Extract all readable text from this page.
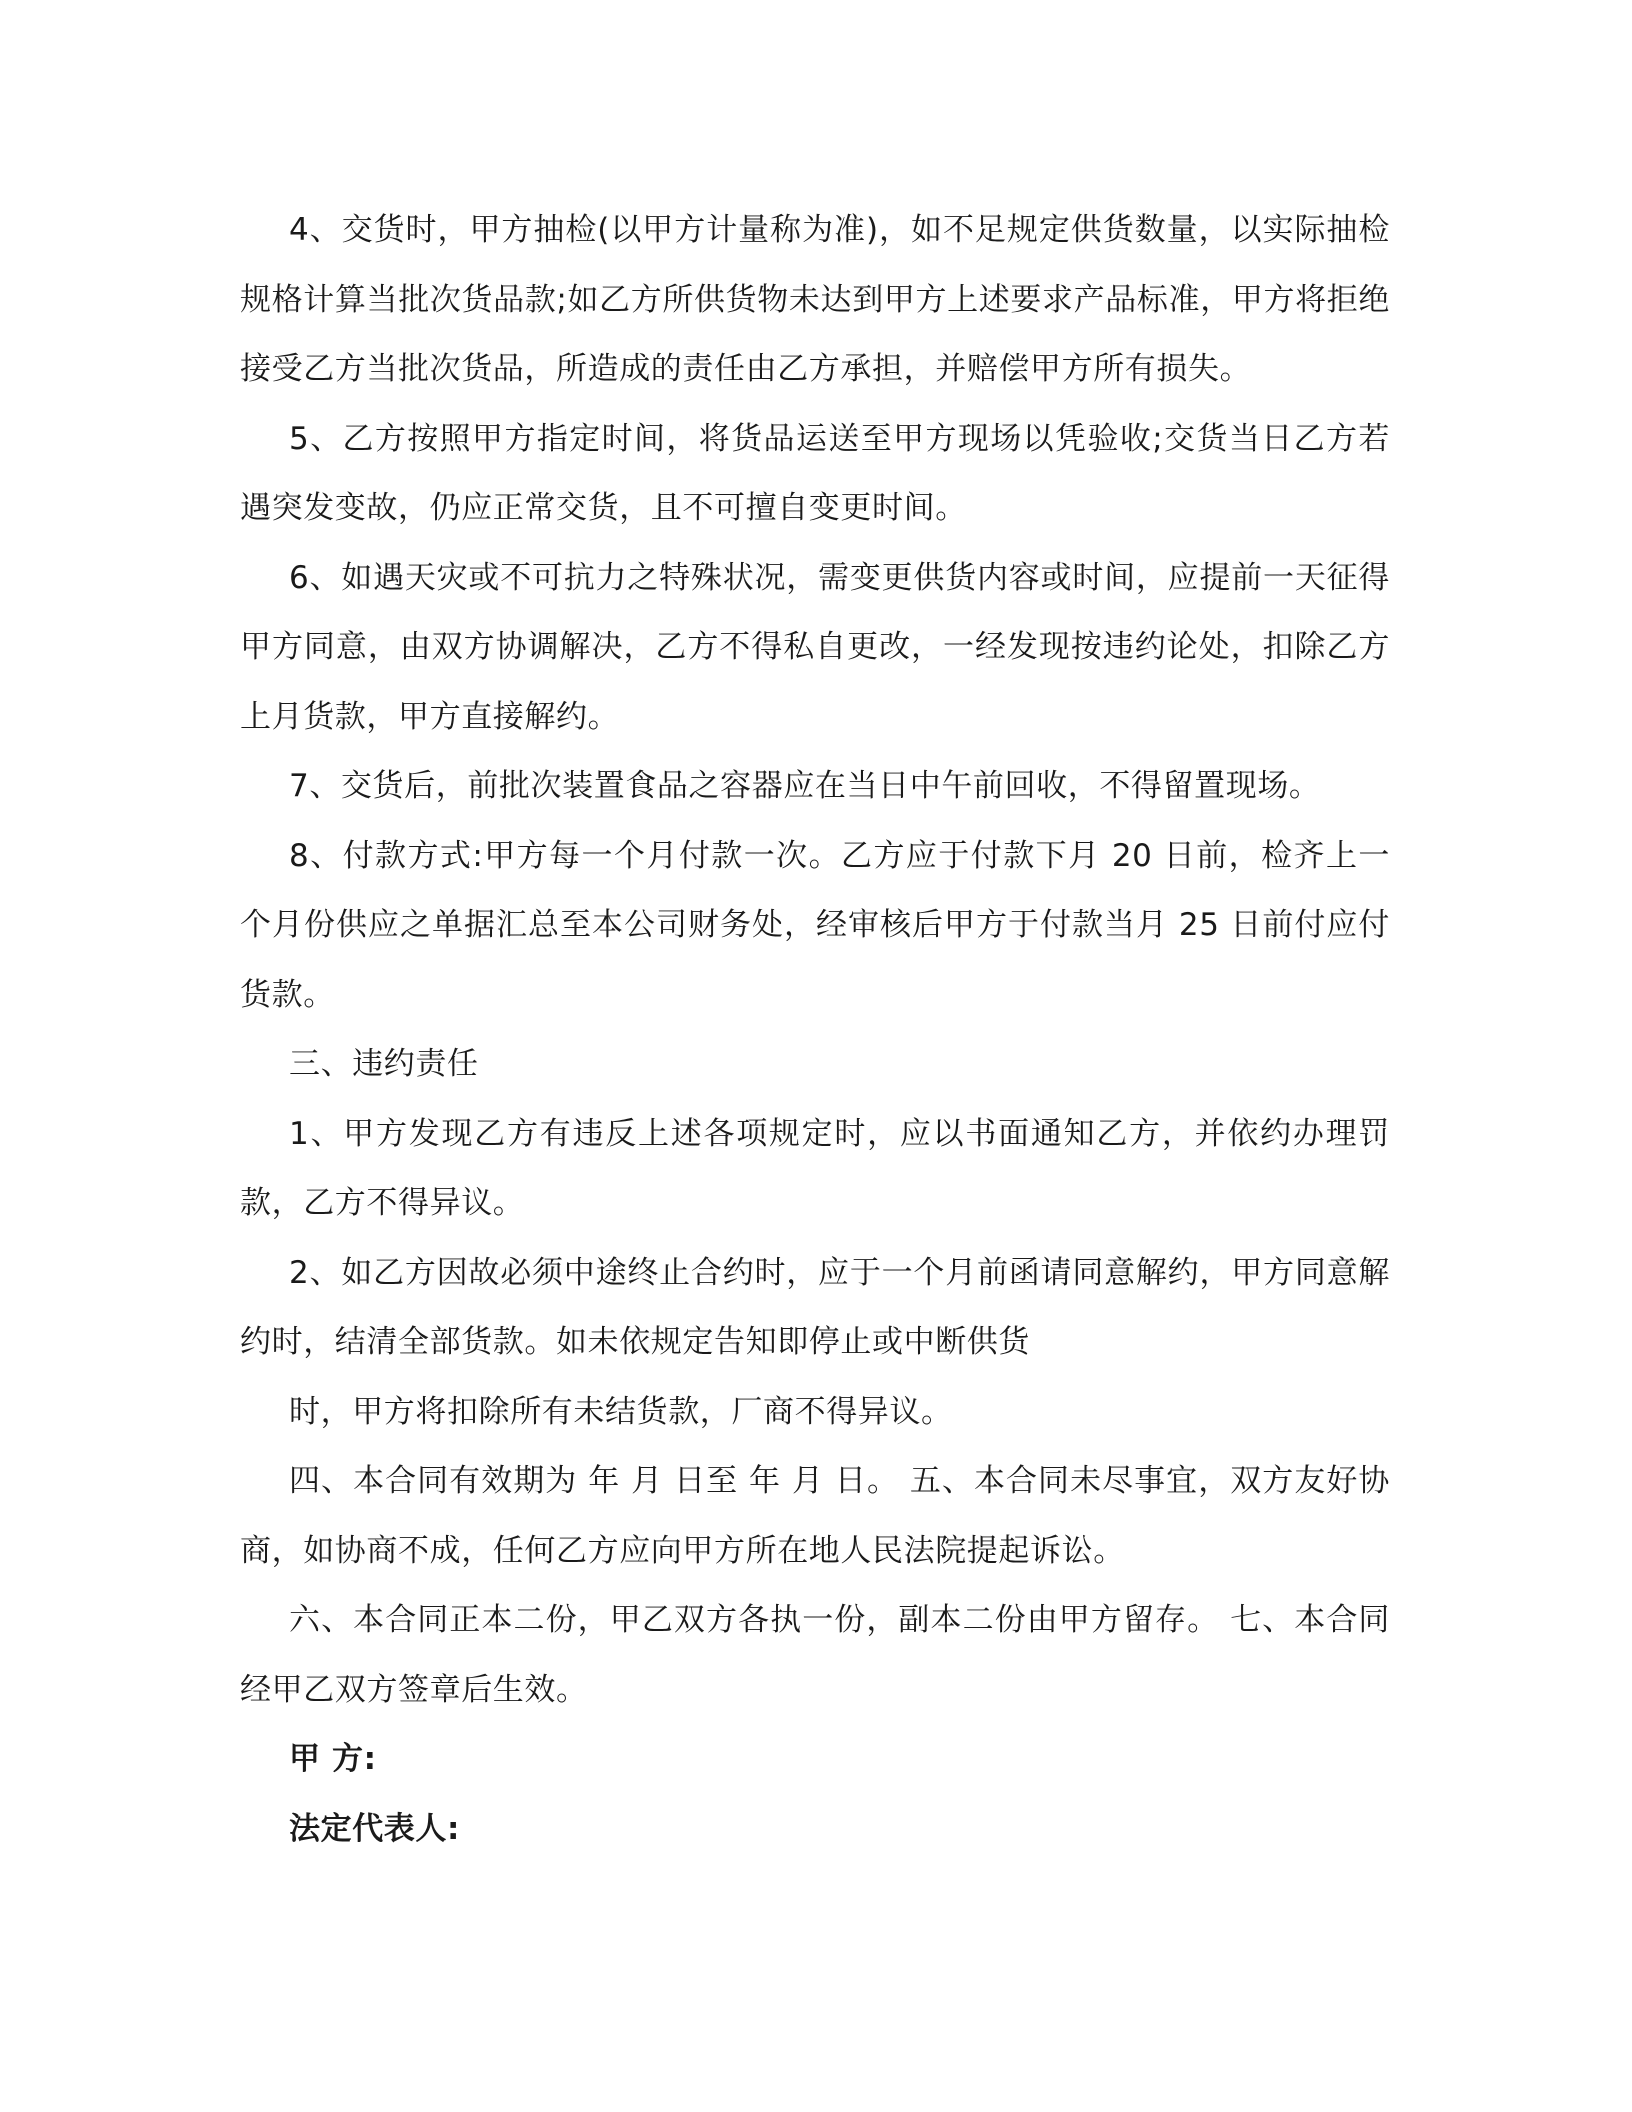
4、交货时，甲方抽检(以甲方计量称为准)，如不足规定供货数量，以实际抽检规格计算当批次货品款;如乙方所供货物未达到甲方上述要求产品标准，甲方将拒绝接受乙方当批次货品，所造成的责任由乙方承担，并赔偿甲方所有损失。

5、乙方按照甲方指定时间，将货品运送至甲方现场以凭验收;交货当日乙方若遇突发变故，仍应正常交货，且不可擅自变更时间。

6、如遇天灾或不可抗力之特殊状况，需变更供货内容或时间，应提前一天征得甲方同意，由双方协调解决，乙方不得私自更改，一经发现按违约论处，扣除乙方上月货款，甲方直接解约。

7、交货后，前批次装置食品之容器应在当日中午前回收，不得留置现场。

8、付款方式:甲方每一个月付款一次。乙方应于付款下月 20 日前，检齐上一个月份供应之单据汇总至本公司财务处，经审核后甲方于付款当月 25 日前付应付货款。

三、违约责任

1、甲方发现乙方有违反上述各项规定时，应以书面通知乙方，并依约办理罚款，乙方不得异议。

2、如乙方因故必须中途终止合约时，应于一个月前函请同意解约，甲方同意解约时，结清全部货款。如未依规定告知即停止或中断供货

时，甲方将扣除所有未结货款，厂商不得异议。

四、本合同有效期为 年 月 日至 年 月 日。 五、本合同未尽事宜，双方友好协商，如协商不成，任何乙方应向甲方所在地人民法院提起诉讼。

六、本合同正本二份，甲乙双方各执一份，副本二份由甲方留存。 七、本合同经甲乙双方签章后生效。

甲 方:

法定代表人:
